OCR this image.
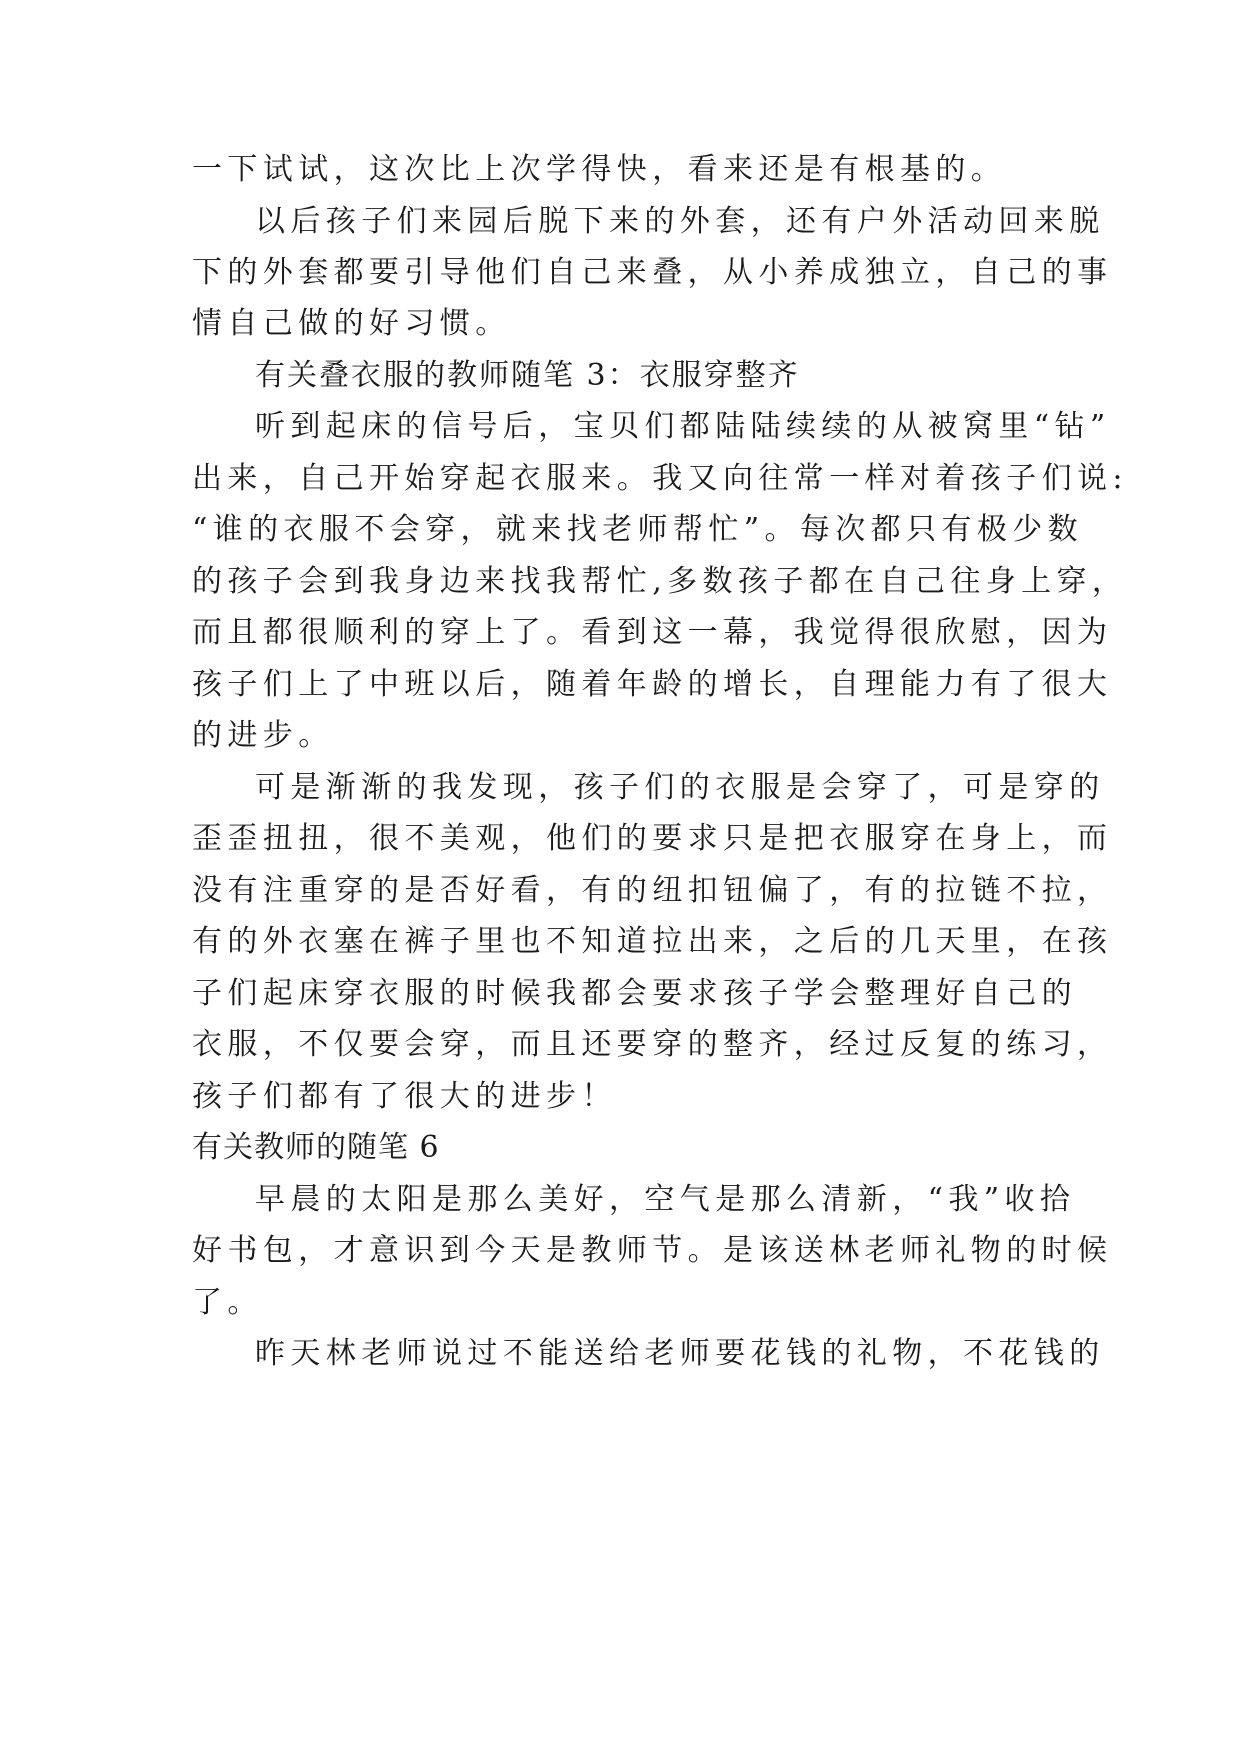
一下试试，这次比上次学得快，看来还是有根基的。
以后孩子们来园后脱下来的外套，还有户外活动回来脱
下的外套都要引导他们自己来叠，从小养成独立，自己的事
情自己做的好习惯。
有关叠衣服的教师随笔 3：衣服穿整齐
听到起床的信号后，宝贝们都陆陆续续的从被窝里“钻”
出来，自己开始穿起衣服来。我又向往常一样对着孩子们说:
“谁的衣服不会穿，就来找老师帮忙”。每次都只有极少数
的孩子会到我身边来找我帮忙,多数孩子都在自己往身上穿，
而且都很顺利的穿上了。看到这一幕，我觉得很欣慰，因为
孩子们上了中班以后，随着年龄的增长，自理能力有了很大
的进步。
可是渐渐的我发现，孩子们的衣服是会穿了，可是穿的
歪歪扭扭，很不美观，他们的要求只是把衣服穿在身上，而
没有注重穿的是否好看，有的纽扣钮偏了，有的拉链不拉，
有的外衣塞在裤子里也不知道拉出来，之后的几天里，在孩
子们起床穿衣服的时候我都会要求孩子学会整理好自己的
衣服，不仅要会穿，而且还要穿的整齐，经过反复的练习，
孩子们都有了很大的进步！
有关教师的随笔 6
早晨的太阳是那么美好，空气是那么清新，“我”收拾
好书包，才意识到今天是教师节。是该送林老师礼物的时候
了。
昨天林老师说过不能送给老师要花钱的礼物，不花钱的
